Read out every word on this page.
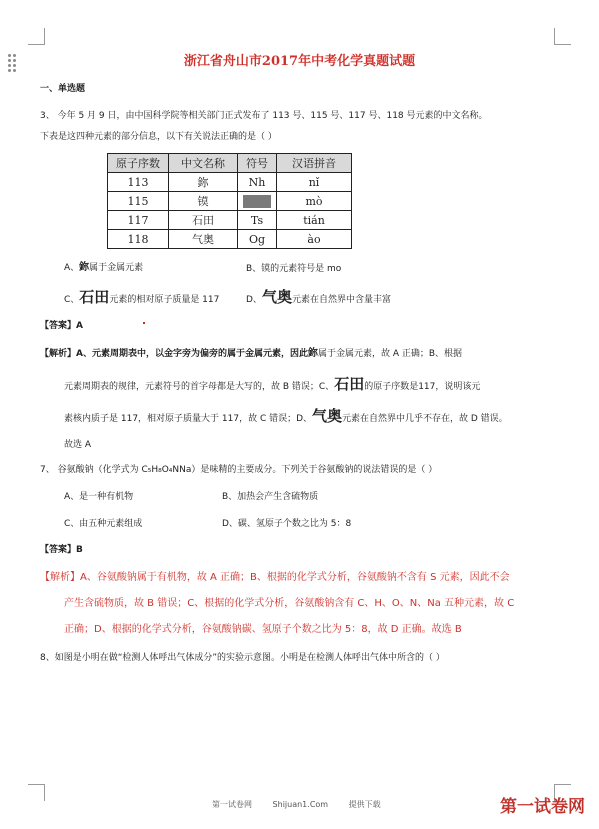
浙江省舟山市2017年中考化学真题试题
一、单选题
3、 今年 5 月 9 日，由中国科学院等相关部门正式发布了 113 号、115 号、117 号、118 号元素的中文名称。
下表是这四种元素的部分信息，以下有关说法正确的是（ ）
原子序数	中文名称	符号	汉语拼音
113	鉨	Nh	nǐ
115	镆		mò
117	石田	Ts	tián
118	气奥	Og	ào
A、鉨属于金属元素	B、镆的元素符号是 mo
C、石田元素的相对原子质量是 117	D、气奥元素在自然界中含量丰富
【答案】A
【解析】A、元素周期表中，以金字旁为偏旁的属于金属元素，因此鉨属于金属元素，故 A 正确；B、根据
元素周期表的规律，元素符号的首字母都是大写的，故 B 错误；C、石田的原子序数是117，说明该元
素核内质子是 117，相对原子质量大于 117，故 C 错误；D、气奥元素在自然界中几乎不存在，故 D 错误。
故选 A
7、 谷氨酸钠（化学式为 C₅H₈O₄NNa）是味精的主要成分。下列关于谷氨酸钠的说法错误的是（ ）
A、是一种有机物	B、加热会产生含硫物质
C、由五种元素组成	D、碳、氢原子个数之比为 5：8
【答案】B
【解析】A、谷氨酸钠属于有机物，故 A 正确；B、根据的化学式分析，谷氨酸钠不含有 S 元素，因此不会
产生含硫物质，故 B 错误；C、根据的化学式分析，谷氨酸钠含有 C、H、O、N、Na 五种元素，故 C
正确；D、根据的化学式分析，谷氨酸钠碳、氢原子个数之比为 5：8，故 D 正确。故选 B
8、如图是小明在做“检测人体呼出气体成分”的实验示意图。小明是在检测人体呼出气体中所含的（ ）
第一试卷网	Shijuan1.Com	提供下载	第一试卷网
